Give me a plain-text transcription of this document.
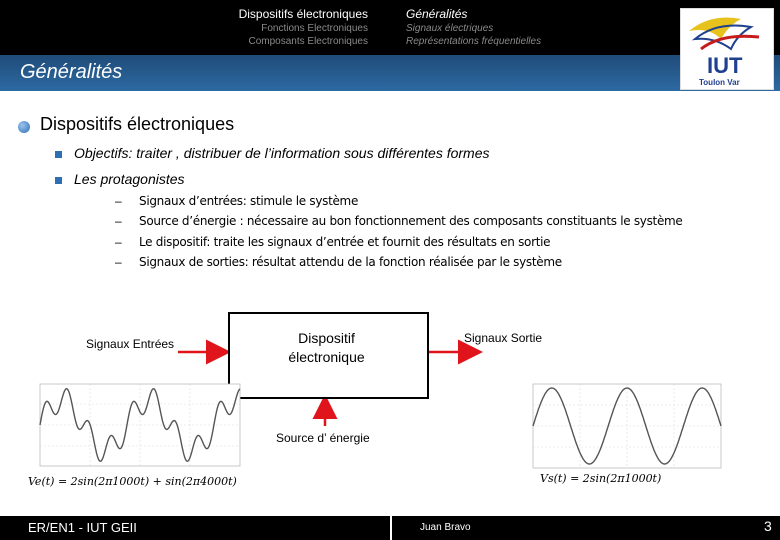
Dispositifs électroniques
Fonctions Electroniques
Composants Electroniques
Généralités
Signaux électriques
Représentations fréquentielles
Généralités	IUT
Toulon Var
Dispositifs électroniques
Objectifs: traiter , distribuer de l’information sous différentes formes
Les protagonistes
– Signaux d’entrées: stimule le système
– Source d’énergie : nécessaire au bon fonctionnement des composants constituants le système
– Le dispositif: traite les signaux d’entrée et fournit des résultats en sortie
– Signaux de sorties: résultat attendu de la fonction réalisée par le système
Dispositif
électronique
Signaux Entrées	Signaux Sortie
Source d’ énergie
Ve(t) = 2sin(2π1000t) + sin(2π4000t)	Vs(t) = 2sin(2π1000t)
ER/EN1 - IUT GEII	Juan Bravo	3
